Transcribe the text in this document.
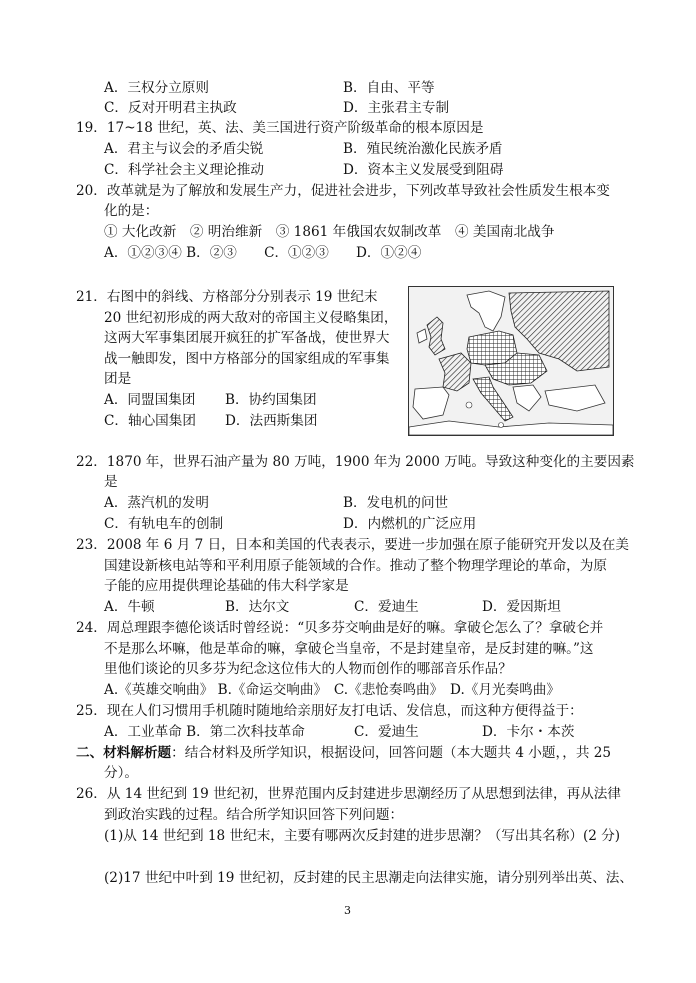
A．三权分立原则	B．自由、平等
C．反对开明君主执政	D．主张君主专制
19．17~18 世纪，英、法、美三国进行资产阶级革命的根本原因是
A．君主与议会的矛盾尖锐	B．殖民统治激化民族矛盾
C．科学社会主义理论推动	D．资本主义发展受到阻碍
20．改革就是为了解放和发展生产力，促进社会进步，下列改革导致社会性质发生根本变
化的是：
① 大化改新　② 明治维新　③ 1861 年俄国农奴制改革　④ 美国南北战争
A．①②③④ B．②③　　C．①②③　　D．①②④
21．右图中的斜线、方格部分分别表示 19 世纪末
20 世纪初形成的两大敌对的帝国主义侵略集团，
这两大军事集团展开疯狂的扩军备战，使世界大
战一触即发，图中方格部分的国家组成的军事集
团是
A．同盟国集团 B．协约国集团
C．轴心国集团 D．法西斯集团
22．1870 年，世界石油产量为 80 万吨，1900 年为 2000 万吨。导致这种变化的主要因素
是
A．蒸汽机的发明	B．发电机的问世
C．有轨电车的创制	D．内燃机的广泛应用
23．2008 年 6 月 7 日，日本和美国的代表表示，要进一步加强在原子能研究开发以及在美
国建设新核电站等和平利用原子能领域的合作。推动了整个物理学理论的革命，为原
子能的应用提供理论基础的伟大科学家是
A．牛顿	B．达尔文	C．爱迪生	D．爱因斯坦
24．周总理跟李德伦谈话时曾经说：“贝多芬交响曲是好的嘛。拿破仑怎么了？拿破仑并
不是那么坏嘛，他是革命的嘛，拿破仑当皇帝，不是封建皇帝，是反封建的嘛。”这
里他们谈论的贝多芬为纪念这位伟大的人物而创作的哪部音乐作品？
A.《英雄交响曲》 B.《命运交响曲》　C.《悲怆奏鸣曲》　D.《月光奏鸣曲》
25．现在人们习惯用手机随时随地给亲朋好友打电话、发信息，而这种方便得益于：
A．工业革命 B．第二次科技革命	C．爱迪生	D．卡尔・本茨
二、材料解析题：结合材料及所学知识，根据设问，回答问题（本大题共 4 小题，，共 25
分）。
26．从 14 世纪到 19 世纪初，世界范围内反封建进步思潮经历了从思想到法律，再从法律
到政治实践的过程。结合所学知识回答下列问题：
(1)从 14 世纪到 18 世纪末，主要有哪两次反封建的进步思潮？（写出其名称）(2 分)
(2)17 世纪中叶到 19 世纪初，反封建的民主思潮走向法律实施，请分别列举出英、法、
3
